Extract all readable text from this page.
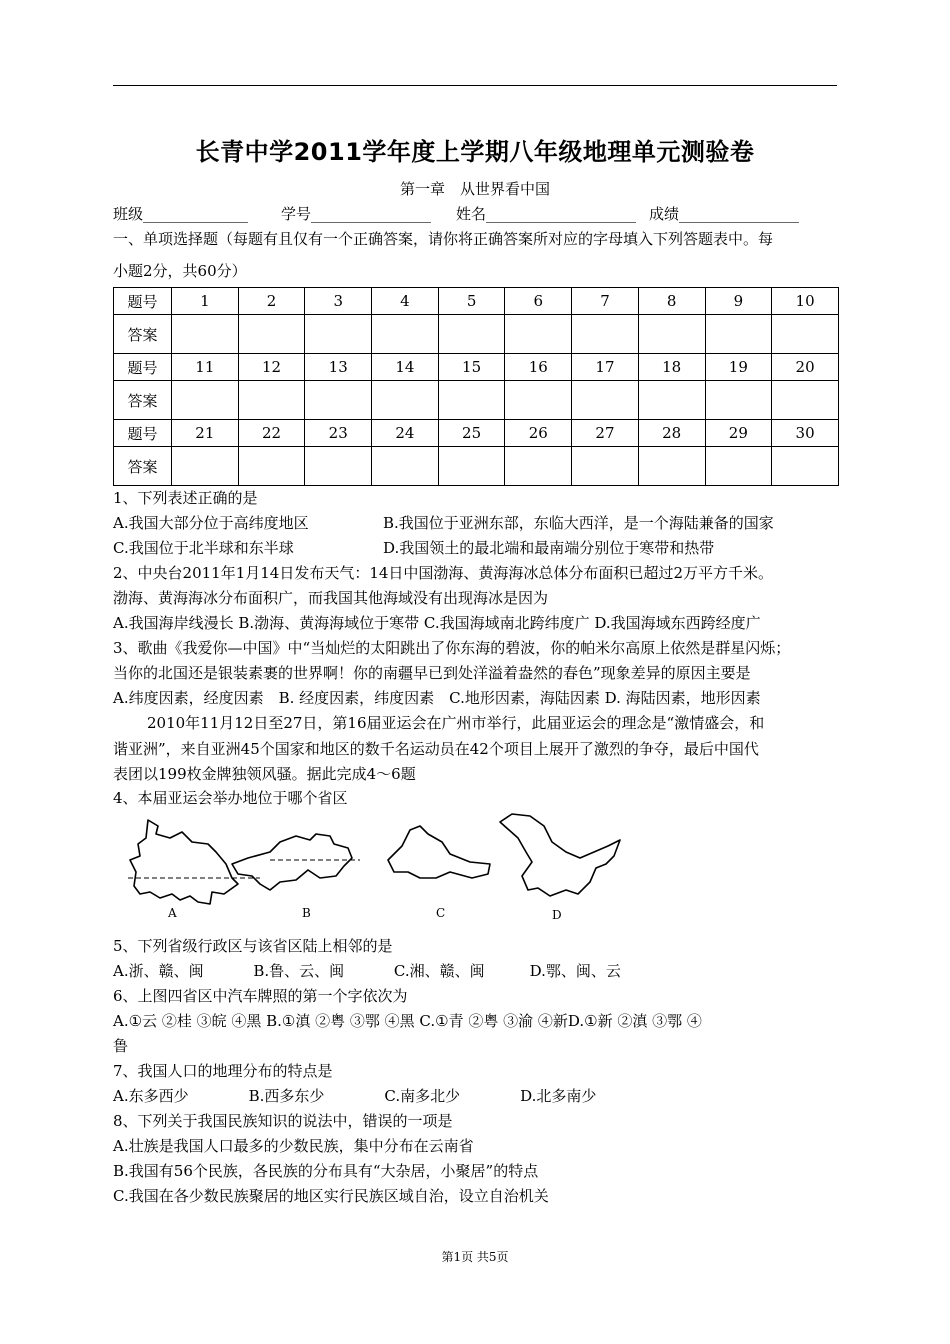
长青中学2011学年度上学期八年级地理单元测验卷
第一章　从世界看中国
班级______________ 学号________________ 姓名____________________ 成绩________________
一、单项选择题（每题有且仅有一个正确答案，请你将正确答案所对应的字母填入下列答题表中。每
小题2分，共60分）
题号	1	2	3	4	5	6	7	8	9	10
答案										
题号	11	12	13	14	15	16	17	18	19	20
答案										
题号	21	22	23	24	25	26	27	28	29	30
答案										
1、下列表述正确的是
A.我国大部分位于高纬度地区	B.我国位于亚洲东部，东临大西洋，是一个海陆兼备的国家
C.我国位于北半球和东半球	D.我国领土的最北端和最南端分别位于寒带和热带
2、中央台2011年1月14日发布天气：14日中国渤海、黄海海冰总体分布面积已超过2万平方千米。
渤海、黄海海冰分布面积广，而我国其他海域没有出现海冰是因为
A.我国海岸线漫长 B.渤海、黄海海域位于寒带 C.我国海域南北跨纬度广 D.我国海域东西跨经度广
3、歌曲《我爱你—中国》中“当灿烂的太阳跳出了你东海的碧波，你的帕米尔高原上依然是群星闪烁；
当你的北国还是银装素裹的世界啊！你的南疆早已到处洋溢着盎然的春色”现象差异的原因主要是
A.纬度因素，经度因素　B. 经度因素，纬度因素　C.地形因素，海陆因素 D. 海陆因素，地形因素
2010年11月12日至27日，第16届亚运会在广州市举行，此届亚运会的理念是“激情盛会，和
谐亚洲”，来自亚洲45个国家和地区的数千名运动员在42个项目上展开了激烈的争夺，最后中国代
表团以199枚金牌独领风骚。据此完成4～6题
4、本届亚运会举办地位于哪个省区
A	B	C	D
5、下列省级行政区与该省区陆上相邻的是
A.浙、赣、闽　　　 B.鲁、云、闽　　　 C.湘、赣、闽　　　D.鄂、闽、云
6、上图四省区中汽车牌照的第一个字依次为
A.①云 ②桂 ③皖 ④黑 B.①滇 ②粤 ③鄂 ④黑 C.①青 ②粤 ③渝 ④新D.①新 ②滇 ③鄂 ④
鲁
7、我国人口的地理分布的特点是
A.东多西少　　　　B.西多东少　　　　C.南多北少　　　　D.北多南少
8、下列关于我国民族知识的说法中，错误的一项是
A.壮族是我国人口最多的少数民族，集中分布在云南省
B.我国有56个民族，各民族的分布具有“大杂居，小聚居”的特点
C.我国在各少数民族聚居的地区实行民族区域自治，设立自治机关
第1页 共5页
